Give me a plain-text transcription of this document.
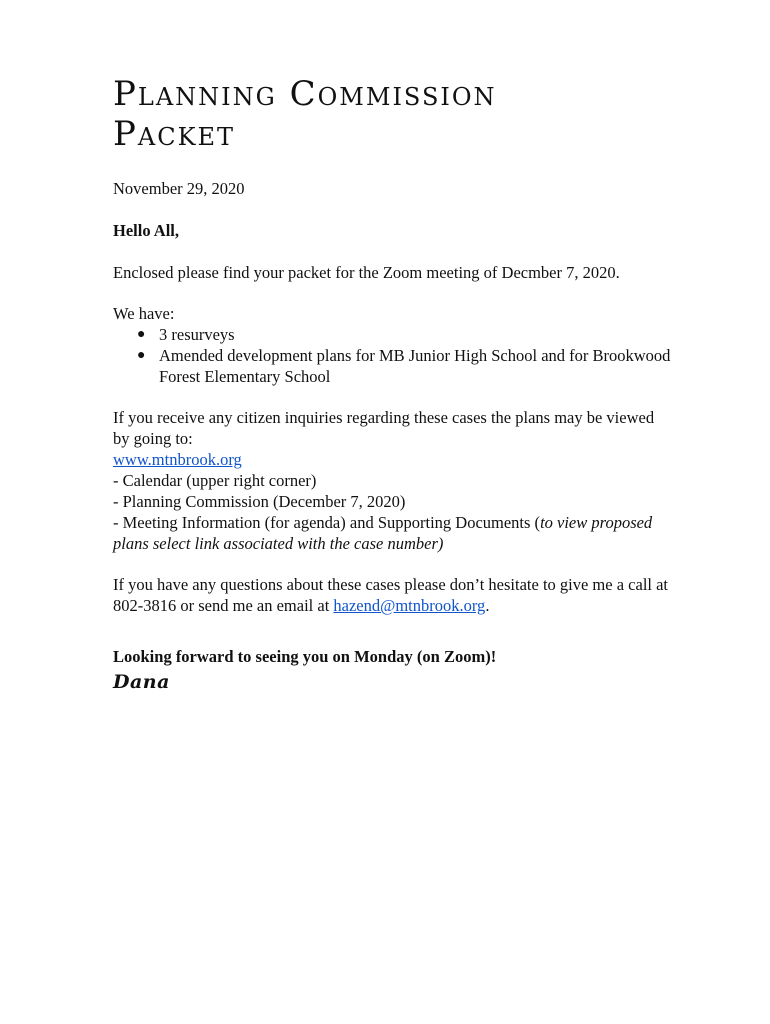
Planning Commission
Packet
November 29, 2020
Hello All,
Enclosed please find your packet for the Zoom meeting of Decmber 7, 2020.
We have:
● 3 resurveys
● Amended development plans for MB Junior High School and for Brookwood Forest Elementary School
If you receive any citizen inquiries regarding these cases the plans may be viewed by going to:
www.mtnbrook.org
- Calendar (upper right corner)
- Planning Commission (December 7, 2020)
- Meeting Information (for agenda) and Supporting Documents (to view proposed plans select link associated with the case number)
If you have any questions about these cases please don’t hesitate to give me a call at 802-3816 or send me an email at hazend@mtnbrook.org.
Looking forward to seeing you on Monday (on Zoom)!
Dana
